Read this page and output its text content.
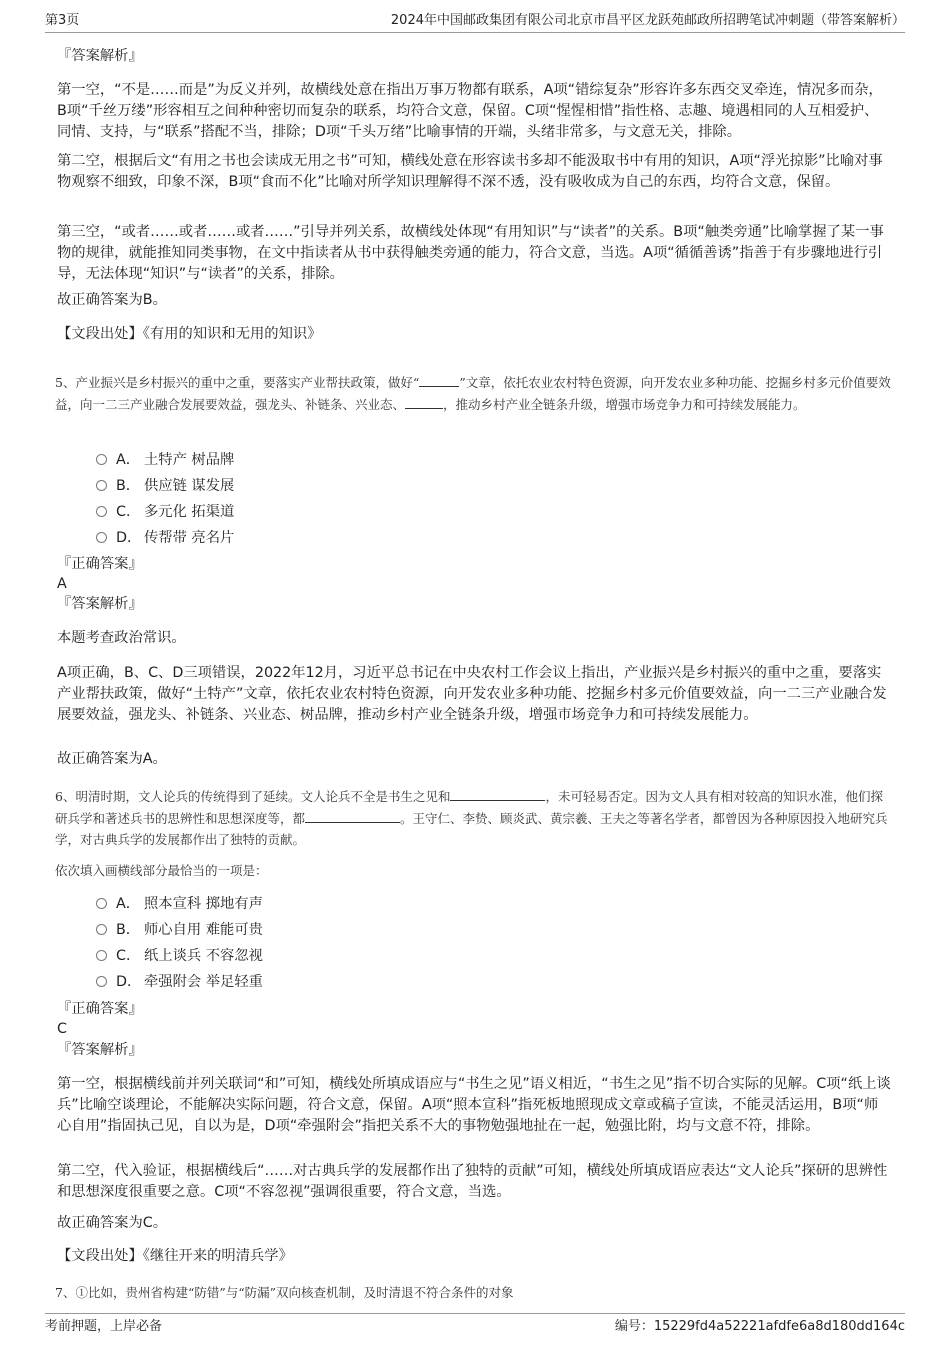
第3页	2024年中国邮政集团有限公司北京市昌平区龙跃苑邮政所招聘笔试冲刺题（带答案解析）
『答案解析』
第一空，“不是……而是”为反义并列，故横线处意在指出万事万物都有联系，A项“错综复杂”形容许多东西交叉牵连，情况多而杂，B项“千丝万缕”形容相互之间种种密切而复杂的联系，均符合文意，保留。C项“惺惺相惜”指性格、志趣、境遇相同的人互相爱护、同情、支持，与“联系”搭配不当，排除；D项“千头万绪”比喻事情的开端，头绪非常多，与文意无关，排除。
第二空，根据后文“有用之书也会读成无用之书”可知，横线处意在形容读书多却不能汲取书中有用的知识，A项“浮光掠影”比喻对事物观察不细致，印象不深，B项“食而不化”比喻对所学知识理解得不深不透，没有吸收成为自己的东西，均符合文意，保留。
第三空，“或者……或者……或者……”引导并列关系，故横线处体现“有用知识”与“读者”的关系。B项“触类旁通”比喻掌握了某一事物的规律，就能推知同类事物，在文中指读者从书中获得触类旁通的能力，符合文意，当选。A项“循循善诱”指善于有步骤地进行引导，无法体现“知识”与“读者”的关系，排除。
故正确答案为B。
【文段出处】《有用的知识和无用的知识》
5、产业振兴是乡村振兴的重中之重，要落实产业帮扶政策，做好“	”文章，依托农业农村特色资源，向开发农业多种功能、挖掘乡村多元价值要效益，向一二三产业融合发展要效益，强龙头、补链条、兴业态、	，推动乡村产业全链条升级，增强市场竞争力和可持续发展能力。
A． 土特产 树品牌
B． 供应链 谋发展
C． 多元化 拓渠道
D． 传帮带 亮名片
『正确答案』
A
『答案解析』
本题考查政治常识。
A项正确，B、C、D三项错误，2022年12月，习近平总书记在中央农村工作会议上指出，产业振兴是乡村振兴的重中之重，要落实产业帮扶政策，做好“土特产”文章，依托农业农村特色资源，向开发农业多种功能、挖掘乡村多元价值要效益，向一二三产业融合发展要效益，强龙头、补链条、兴业态、树品牌，推动乡村产业全链条升级，增强市场竞争力和可持续发展能力。
故正确答案为A。
6、明清时期，文人论兵的传统得到了延续。文人论兵不全是书生之见和	，未可轻易否定。因为文人具有相对较高的知识水准，他们探研兵学和著述兵书的思辨性和思想深度等，都	。王守仁、李贽、顾炎武、黄宗羲、王夫之等著名学者，都曾因为各种原因投入地研究兵学，对古典兵学的发展都作出了独特的贡献。
依次填入画横线部分最恰当的一项是：
A． 照本宣科 掷地有声
B． 师心自用 难能可贵
C． 纸上谈兵 不容忽视
D． 牵强附会 举足轻重
『正确答案』
C
『答案解析』
第一空，根据横线前并列关联词“和”可知，横线处所填成语应与“书生之见”语义相近，“书生之见”指不切合实际的见解。C项“纸上谈兵”比喻空谈理论，不能解决实际问题，符合文意，保留。A项“照本宣科”指死板地照现成文章或稿子宣读，不能灵活运用，B项“师心自用”指固执己见，自以为是，D项“牵强附会”指把关系不大的事物勉强地扯在一起，勉强比附，均与文意不符，排除。
第二空，代入验证，根据横线后“……对古典兵学的发展都作出了独特的贡献”可知，横线处所填成语应表达“文人论兵”探研的思辨性和思想深度很重要之意。C项“不容忽视”强调很重要，符合文意，当选。
故正确答案为C。
【文段出处】《继往开来的明清兵学》
7、①比如，贵州省构建“防错”与“防漏”双向核查机制，及时清退不符合条件的对象
考前押题，上岸必备	编号：15229fd4a52221afdfe6a8d180dd164c
